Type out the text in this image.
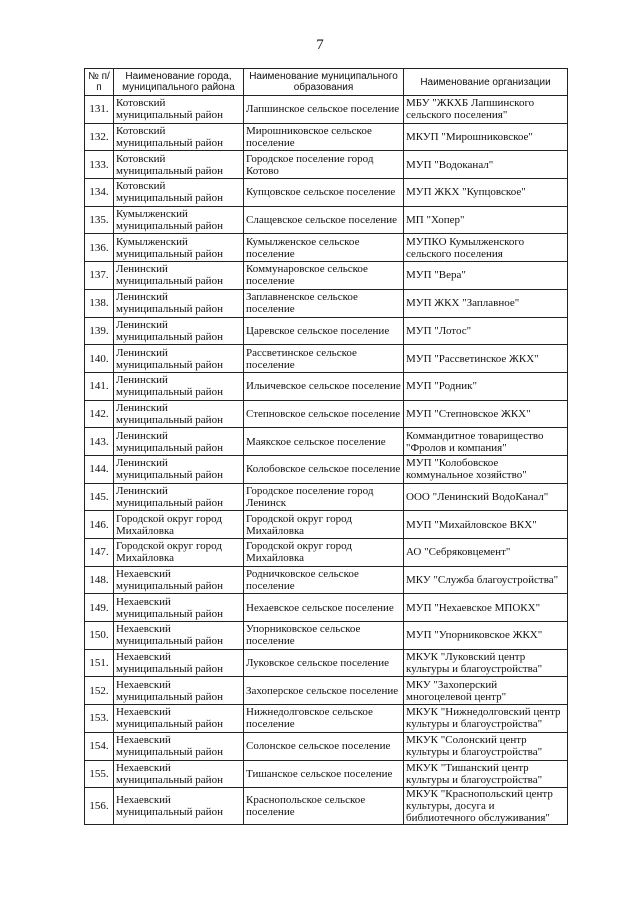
7
№ п/п	Наименование города, муниципального района	Наименование муниципального образования	Наименование организации
131.	Котовский муниципальный район	Лапшинское сельское поселение	МБУ "ЖКХБ Лапшинского сельского поселения"
132.	Котовский муниципальный район	Мирошниковское сельское поселение	МКУП "Мирошниковское"
133.	Котовский муниципальный район	Городское поселение город Котово	МУП "Водоканал"
134.	Котовский муниципальный район	Купцовское сельское поселение	МУП ЖКХ "Купцовское"
135.	Кумылженский муниципальный район	Слащевское сельское поселение	МП "Хопер"
136.	Кумылженский муниципальный район	Кумылженское сельское поселение	МУПКО Кумылженского сельского поселения
137.	Ленинский муниципальный район	Коммунаровское сельское поселение	МУП "Вера"
138.	Ленинский муниципальный район	Заплавненское сельское поселение	МУП ЖКХ "Заплавное"
139.	Ленинский муниципальный район	Царевское сельское поселение	МУП "Лотос"
140.	Ленинский муниципальный район	Рассветинское сельское поселение	МУП "Рассветинское ЖКХ"
141.	Ленинский муниципальный район	Ильичевское сельское поселение	МУП "Родник"
142.	Ленинский муниципальный район	Степновское сельское поселение	МУП "Степновское ЖКХ"
143.	Ленинский муниципальный район	Маякское сельское поселение	Коммандитное товарищество "Фролов и компания"
144.	Ленинский муниципальный район	Колобовское сельское поселение	МУП "Колобовское коммунальное хозяйство"
145.	Ленинский муниципальный район	Городское поселение город Ленинск	ООО "Ленинский ВодоКанал"
146.	Городской округ город Михайловка	Городской округ город Михайловка	МУП "Михайловское ВКХ"
147.	Городской округ город Михайловка	Городской округ город Михайловка	АО "Себряковцемент"
148.	Нехаевский муниципальный район	Родничковское сельское поселение	МКУ "Служба благоустройства"
149.	Нехаевский муниципальный район	Нехаевское сельское поселение	МУП "Нехаевское МПОКХ"
150.	Нехаевский муниципальный район	Упорниковское сельское поселение	МУП "Упорниковское ЖКХ"
151.	Нехаевский муниципальный район	Луковское сельское поселение	МКУК "Луковский центр культуры и благоустройства"
152.	Нехаевский муниципальный район	Захоперское сельское поселение	МКУ "Захоперский многоцелевой центр"
153.	Нехаевский муниципальный район	Нижнедолговское сельское поселение	МКУК "Нижнедолговский центр культуры и благоустройства"
154.	Нехаевский муниципальный район	Солонское сельское поселение	МКУК "Солонский центр культуры и благоустройства"
155.	Нехаевский муниципальный район	Тишанское сельское поселение	МКУК "Тишанский центр культуры и благоустройства"
156.	Нехаевский муниципальный район	Краснопольское сельское поселение	МКУК "Краснопольский центр культуры, досуга и библиотечного обслуживания"
